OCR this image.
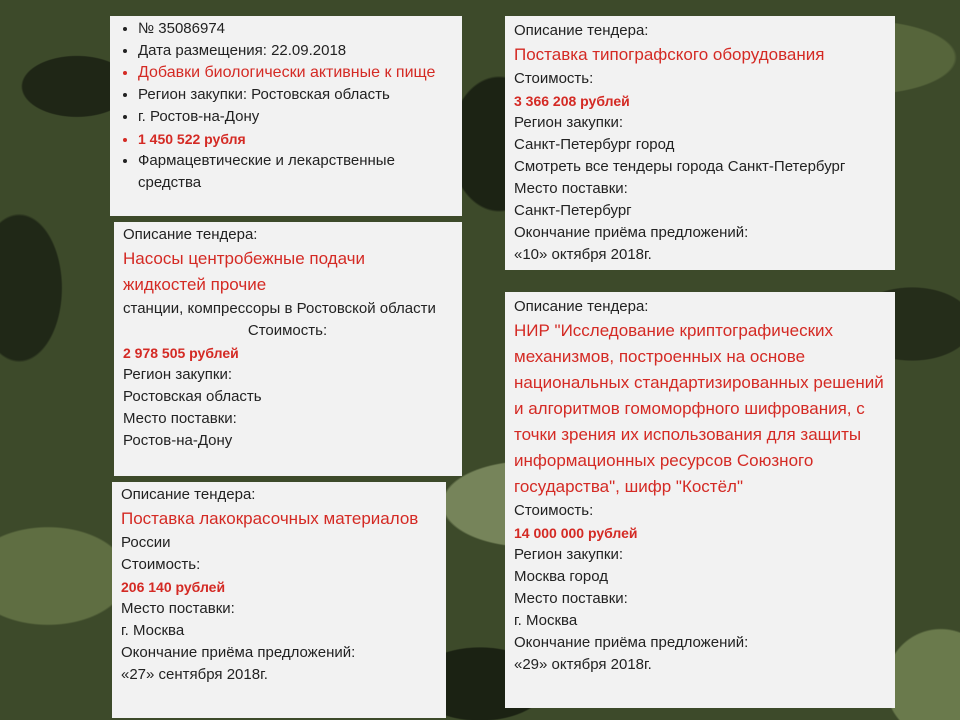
• № 35086974
• Дата размещения: 22.09.2018
• Добавки биологически активные к пище
• Регион закупки: Ростовская область
• г. Ростов-на-Дону
• 1 450 522 рубля
• Фармацевтические и лекарственные средства
Описание тендера:
Насосы центробежные подачи жидкостей прочие
станции, компрессоры в Ростовской области
Стоимость:
2 978 505 рублей
Регион закупки:
Ростовская область
Место поставки:
Ростов-на-Дону
Описание тендера:
Поставка лакокрасочных материалов
России
Стоимость:
206 140 рублей
Место поставки:
г. Москва
Окончание приёма предложений:
«27» сентября 2018г.
Описание тендера:
Поставка типографского оборудования
Стоимость:
3 366 208 рублей
Регион закупки:
Санкт-Петербург город
Смотреть все тендеры города Санкт-Петербург
Место поставки:
Санкт-Петербург
Окончание приёма предложений:
«10» октября 2018г.
Описание тендера:
НИР "Исследование криптографических механизмов, построенных на основе национальных стандартизированных решений и алгоритмов гомоморфного шифрования, с точки зрения их использования для защиты информационных ресурсов Союзного государства", шифр "Костёл"
Стоимость:
14 000 000 рублей
Регион закупки:
Москва город
Место поставки:
г. Москва
Окончание приёма предложений:
«29» октября 2018г.
